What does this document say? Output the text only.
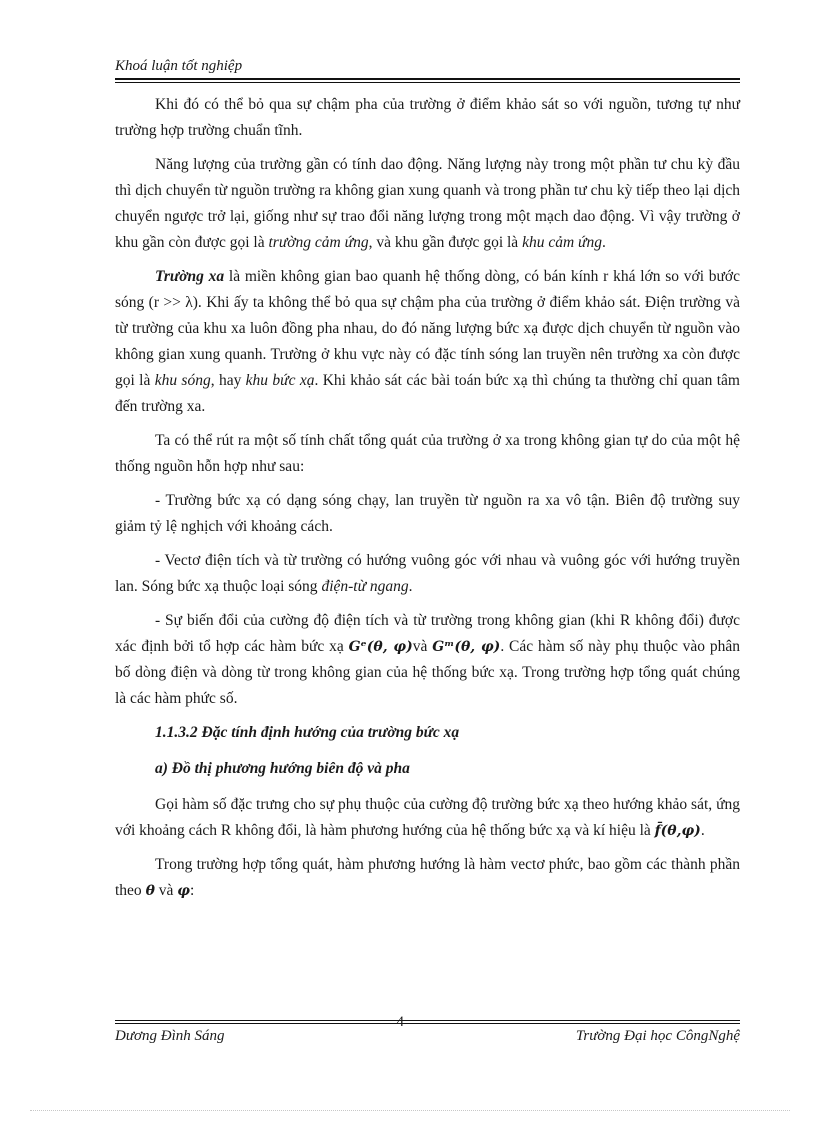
Khoá luận tốt nghiệp

Khi đó có thể bỏ qua sự chậm pha của trường ở điểm khảo sát so với nguồn, tương tự như trường hợp trường chuẩn tĩnh.

Năng lượng của trường gần có tính dao động. Năng lượng này trong một phần tư chu kỳ đầu thì dịch chuyển từ nguồn trường ra không gian xung quanh và trong phần tư chu kỳ tiếp theo lại dịch chuyển ngược trở lại, giống như sự trao đổi năng lượng trong một mạch dao động. Vì vậy trường ở khu gần còn được gọi là trường cảm ứng, và khu gần được gọi là khu cảm ứng.

Trường xa là miền không gian bao quanh hệ thống dòng, có bán kính r khá lớn so với bước sóng (r >> λ). Khi ấy ta không thể bỏ qua sự chậm pha của trường ở điểm khảo sát. Điện trường và từ trường của khu xa luôn đồng pha nhau, do đó năng lượng bức xạ được dịch chuyển từ nguồn vào không gian xung quanh. Trường ở khu vực này có đặc tính sóng lan truyền nên trường xa còn được gọi là khu sóng, hay khu bức xạ. Khi khảo sát các bài toán bức xạ thì chúng ta thường chỉ quan tâm đến trường xa.

Ta có thể rút ra một số tính chất tổng quát của trường ở xa trong không gian tự do của một hệ thống nguồn hỗn hợp như sau:

- Trường bức xạ có dạng sóng chạy, lan truyền từ nguồn ra xa vô tận. Biên độ trường suy giảm tỷ lệ nghịch với khoảng cách.

- Vectơ điện tích và từ trường có hướng vuông góc với nhau và vuông góc với hướng truyền lan. Sóng bức xạ thuộc loại sóng điện-từ ngang.

- Sự biến đổi của cường độ điện tích và từ trường trong không gian (khi R không đổi) được xác định bởi tổ hợp các hàm bức xạ Gᵉ(θ, φ)và Gᵐ(θ, φ). Các hàm số này phụ thuộc vào phân bố dòng điện và dòng từ trong không gian của hệ thống bức xạ. Trong trường hợp tổng quát chúng là các hàm phức số.

1.1.3.2 Đặc tính định hướng của trường bức xạ

a) Đồ thị phương hướng biên độ và pha

Gọi hàm số đặc trưng cho sự phụ thuộc của cường độ trường bức xạ theo hướng khảo sát, ứng với khoảng cách R không đổi, là hàm phương hướng của hệ thống bức xạ và kí hiệu là f̄(θ,φ).

Trong trường hợp tổng quát, hàm phương hướng là hàm vectơ phức, bao gồm các thành phần theo θ và φ:

Dương Đình Sáng
4
Trường Đại học CôngNghệ
